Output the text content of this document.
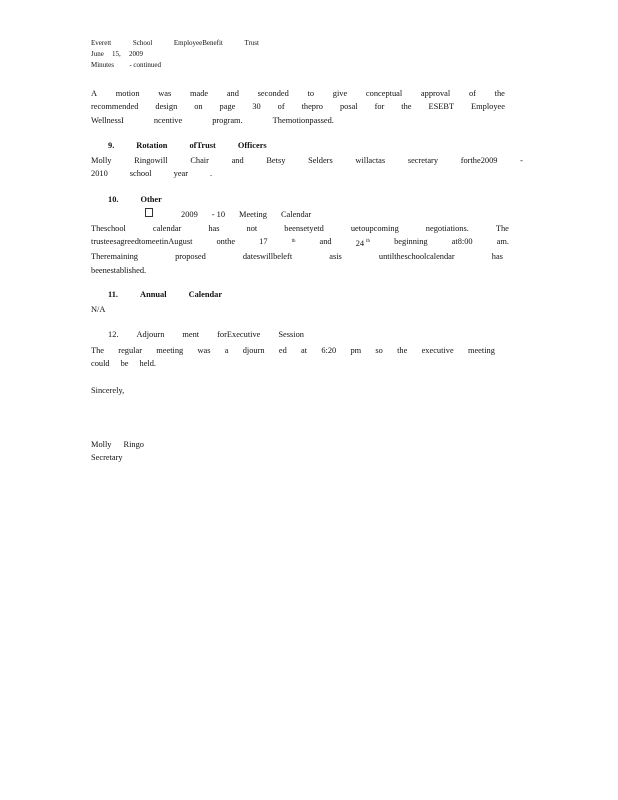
Everett	School	EmployeeBenefit	Trust
June 15, 2009
Minutes - continued
A motion was made and seconded to give conceptual approval of the
recommended design on page 30 of thepro posal for the ESEBT Employee
WellnessI	ncentive	program.	Themotionpassed.
9.	Rotation	ofTrust	Officers
Molly	Ringowill	Chair	and	Betsy	Selders	willactas	secretary	forthe2009	-
2010	school	year	.
10.	Other
2009 - 10 Meeting Calendar
Theschool	calendar	has	not	beensetyetd	uetoupcoming	negotiations.	The
trusteesagreedtomeetinAugust	onthe	17	$^{th}$	and	24 $^{th}$	beginning	at8:00	am.
Theremaining	proposed	dateswillbeleft	asis	untiltheschoolcalendar	has
beenestablished.
11.	Annual	Calendar
N/A
12. Adjourn ment forExecutive Session
The regular meeting was a djourn ed at 6:20 pm so the executive meeting
could be held.
Sincerely,
Molly Ringo
Secretary
